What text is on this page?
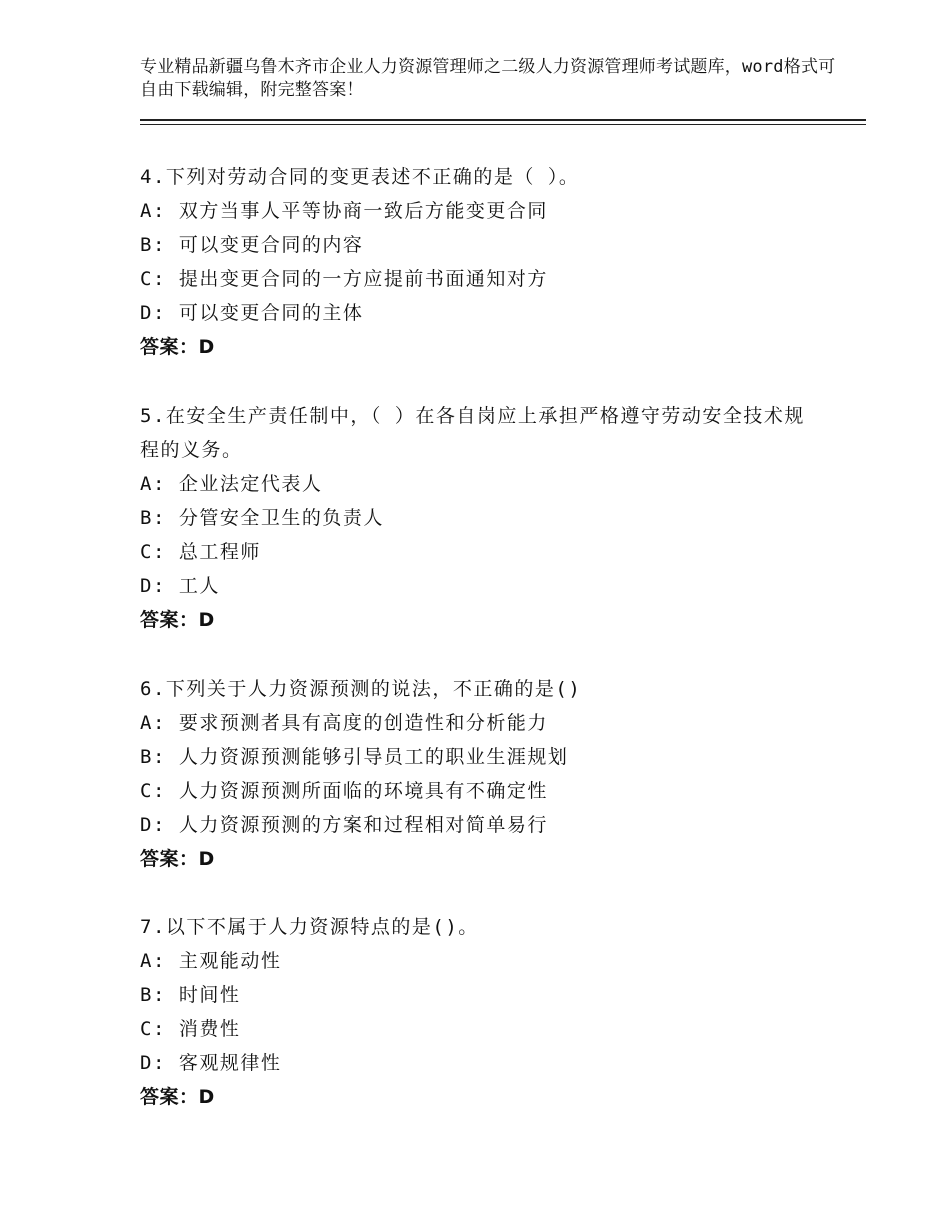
专业精品新疆乌鲁木齐市企业人力资源管理师之二级人力资源管理师考试题库，word格式可自由下载编辑，附完整答案！
4.下列对劳动合同的变更表述不正确的是（ ）。
A: 双方当事人平等协商一致后方能变更合同
B: 可以变更合同的内容
C: 提出变更合同的一方应提前书面通知对方
D: 可以变更合同的主体
答案：D
5.在安全生产责任制中，（ ）在各自岗应上承担严格遵守劳动安全技术规程的义务。
A: 企业法定代表人
B: 分管安全卫生的负责人
C: 总工程师
D: 工人
答案：D
6.下列关于人力资源预测的说法，不正确的是()
A: 要求预测者具有高度的创造性和分析能力
B: 人力资源预测能够引导员工的职业生涯规划
C: 人力资源预测所面临的环境具有不确定性
D: 人力资源预测的方案和过程相对简单易行
答案：D
7.以下不属于人力资源特点的是()。
A: 主观能动性
B: 时间性
C: 消费性
D: 客观规律性
答案：D
